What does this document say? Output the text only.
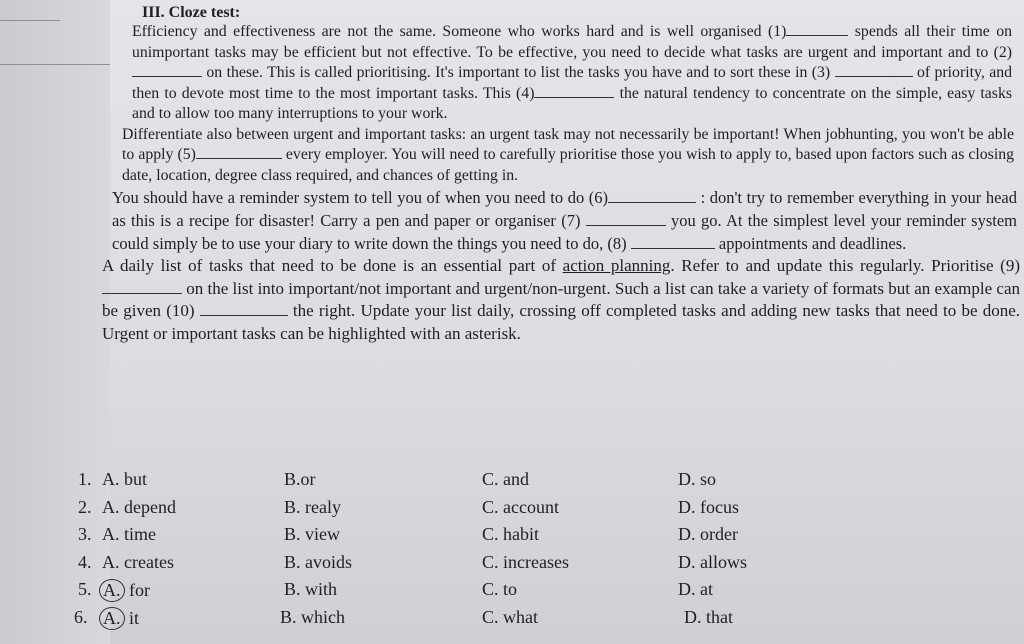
III. Cloze test:

Efficiency and effectiveness are not the same. Someone who works hard and is well organised (1)	spends all their time on unimportant tasks may be efficient but not effective. To be effective, you need to decide what tasks are urgent and important and to (2)  on these. This is called prioritising. It's important to list the tasks you have and to sort these in (3)	of priority, and then to devote most time to the most important tasks. This (4)	the natural tendency to concentrate on the simple, easy tasks and to allow too many interruptions to your work.

Differentiate also between urgent and important tasks: an urgent task may not necessarily be important! When jobhunting, you won't be able to apply (5)	every employer. You will need to carefully prioritise those you wish to apply to, based upon factors such as closing date, location, degree class required, and chances of getting in.

You should have a reminder system to tell you of when you need to do (6)	: don't try to remember everything in your head as this is a recipe for disaster! Carry a pen and paper or organiser (7)	you go. At the simplest level your reminder system could simply be to use your diary to write down the things you need to do, (8)	appointments and deadlines.

A daily list of tasks that need to be done is an essential part of action planning. Refer to and update this regularly. Prioritise (9) on the list into important/not important and urgent/non-urgent. Such a list can take a variety of formats but an example can be given (10)	the right. Update your list daily, crossing off completed tasks and adding new tasks that need to be done. Urgent or important tasks can be highlighted with an asterisk.

1. A. but	B.or	C. and	D. so
2. A. depend	B. realy	C. account	D. focus
3. A. time	B. view	C. habit	D. order
4. A. creates	B. avoids	C. increases	D. allows
5. A. for	B. with	C. to	D. at
6. A. it	B. which	C. what	D. that
